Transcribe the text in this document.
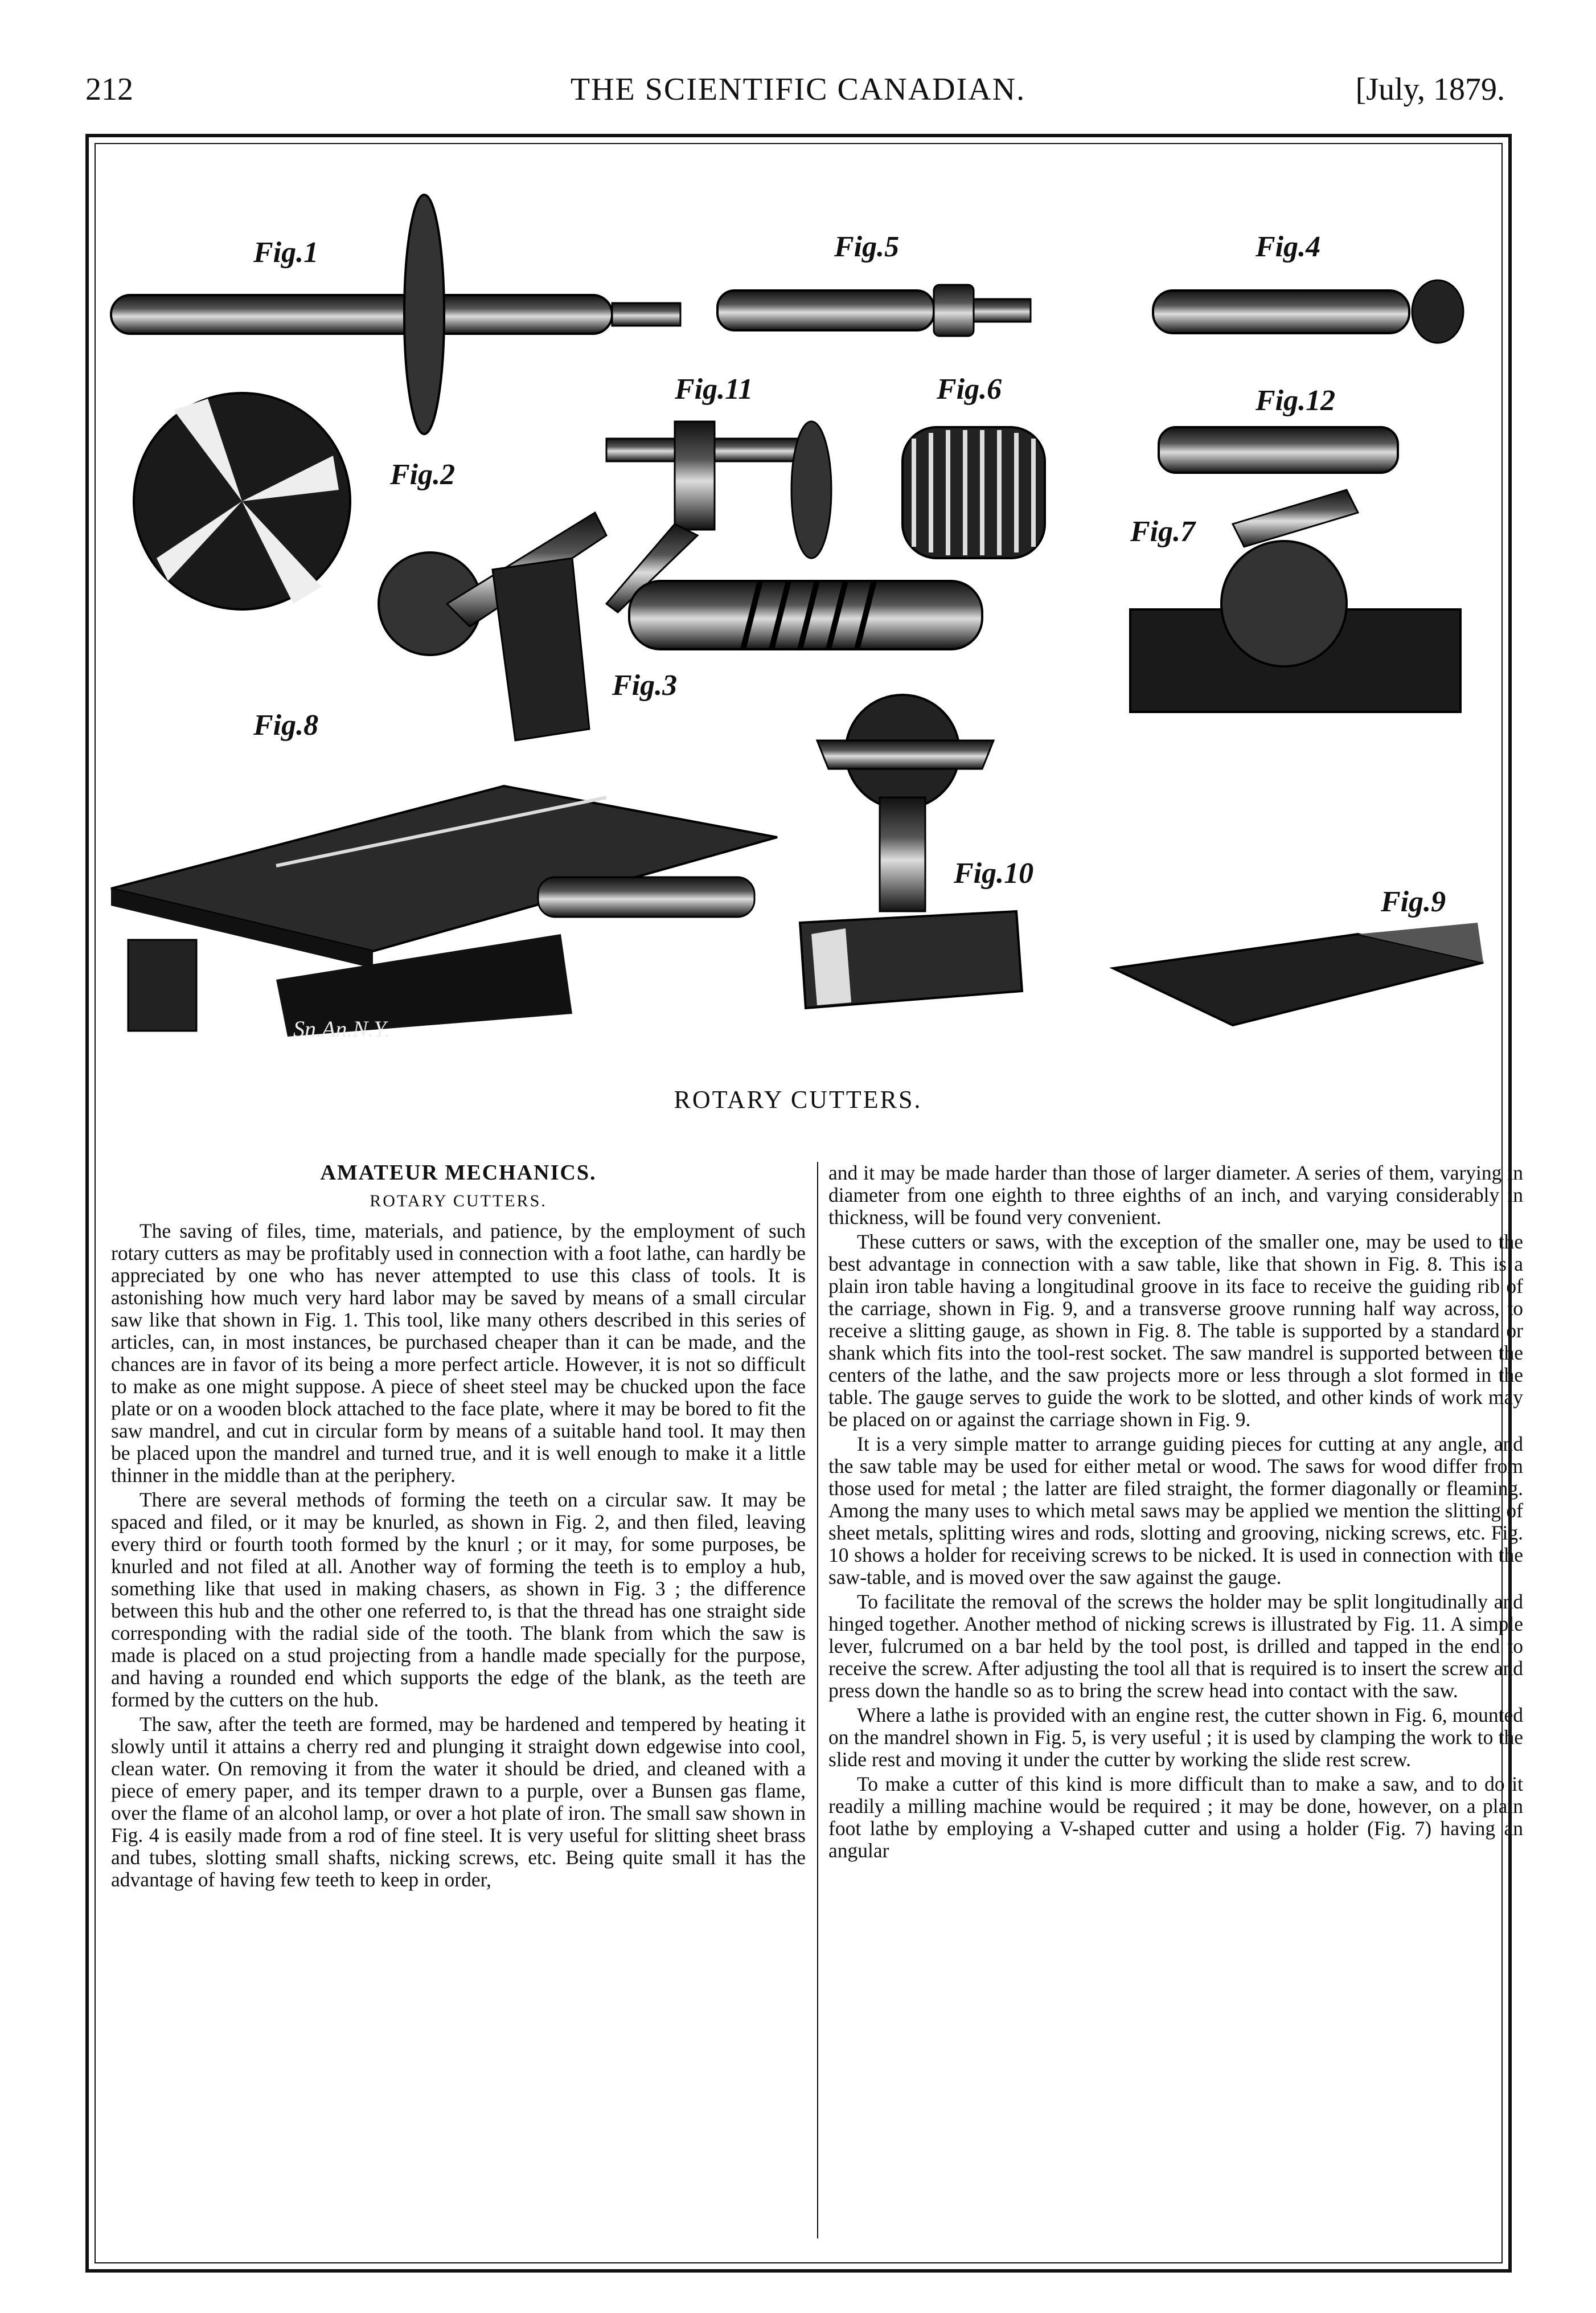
212	THE SCIENTIFIC CANADIAN.	[July, 1879.
Fig.1	Fig.5	Fig.4
Fig.2
Fig.11	Fig.6	Fig.12
Fig.3
Fig.7
Fig.8
Sn.An.N.Y.
Fig.10
Fig.9
ROTARY CUTTERS.
AMATEUR MECHANICS.
ROTARY CUTTERS.

The saving of files, time, materials, and patience, by the employment of such rotary cutters as may be profitably used in connection with a foot lathe, can hardly be appreciated by one who has never attempted to use this class of tools. It is astonishing how much very hard labor may be saved by means of a small circular saw like that shown in Fig. 1. This tool, like many others described in this series of articles, can, in most instances, be purchased cheaper than it can be made, and the chances are in favor of its being a more perfect article. However, it is not so difficult to make as one might suppose. A piece of sheet steel may be chucked upon the face plate or on a wooden block attached to the face plate, where it may be bored to fit the saw mandrel, and cut in circular form by means of a suitable hand tool. It may then be placed upon the mandrel and turned true, and it is well enough to make it a little thinner in the middle than at the periphery.

There are several methods of forming the teeth on a circular saw. It may be spaced and filed, or it may be knurled, as shown in Fig. 2, and then filed, leaving every third or fourth tooth formed by the knurl ; or it may, for some purposes, be knurled and not filed at all. Another way of forming the teeth is to employ a hub, something like that used in making chasers, as shown in Fig. 3 ; the difference between this hub and the other one referred to, is that the thread has one straight side corresponding with the radial side of the tooth. The blank from which the saw is made is placed on a stud projecting from a handle made specially for the purpose, and having a rounded end which supports the edge of the blank, as the teeth are formed by the cutters on the hub.

The saw, after the teeth are formed, may be hardened and tempered by heating it slowly until it attains a cherry red and plunging it straight down edgewise into cool, clean water. On removing it from the water it should be dried, and cleaned with a piece of emery paper, and its temper drawn to a purple, over a Bunsen gas flame, over the flame of an alcohol lamp, or over a hot plate of iron. The small saw shown in Fig. 4 is easily made from a rod of fine steel. It is very useful for slitting sheet brass and tubes, slotting small shafts, nicking screws, etc. Being quite small it has the advantage of having few teeth to keep in order,

and it may be made harder than those of larger diameter. A series of them, varying in diameter from one eighth to three eighths of an inch, and varying considerably in thickness, will be found very convenient.

These cutters or saws, with the exception of the smaller one, may be used to the best advantage in connection with a saw table, like that shown in Fig. 8. This is a plain iron table having a longitudinal groove in its face to receive the guiding rib of the carriage, shown in Fig. 9, and a transverse groove running half way across, to receive a slitting gauge, as shown in Fig. 8. The table is supported by a standard or shank which fits into the tool-rest socket. The saw mandrel is supported between the centers of the lathe, and the saw projects more or less through a slot formed in the table. The gauge serves to guide the work to be slotted, and other kinds of work may be placed on or against the carriage shown in Fig. 9.

It is a very simple matter to arrange guiding pieces for cutting at any angle, and the saw table may be used for either metal or wood. The saws for wood differ from those used for metal ; the latter are filed straight, the former diagonally or fleaming. Among the many uses to which metal saws may be applied we mention the slitting of sheet metals, splitting wires and rods, slotting and grooving, nicking screws, etc. Fig. 10 shows a holder for receiving screws to be nicked. It is used in connection with the saw-table, and is moved over the saw against the gauge.

To facilitate the removal of the screws the holder may be split longitudinally and hinged together. Another method of nicking screws is illustrated by Fig. 11. A simple lever, fulcrumed on a bar held by the tool post, is drilled and tapped in the end to receive the screw. After adjusting the tool all that is required is to insert the screw and press down the handle so as to bring the screw head into contact with the saw.

Where a lathe is provided with an engine rest, the cutter shown in Fig. 6, mounted on the mandrel shown in Fig. 5, is very useful ; it is used by clamping the work to the slide rest and moving it under the cutter by working the slide rest screw.

To make a cutter of this kind is more difficult than to make a saw, and to do it readily a milling machine would be required ; it may be done, however, on a plain foot lathe by employing a V-shaped cutter and using a holder (Fig. 7) having an angular
